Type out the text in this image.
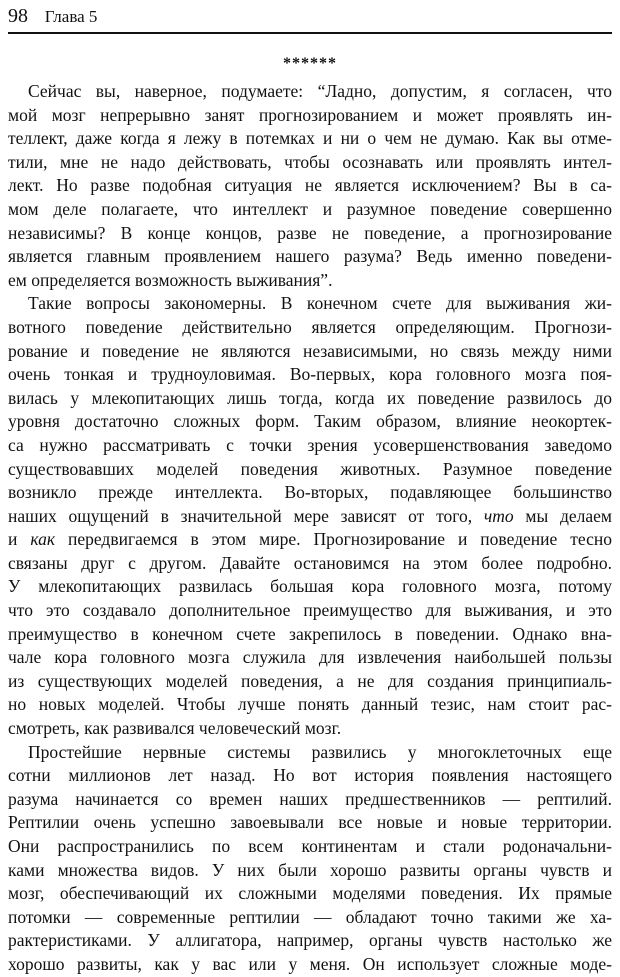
98 Глава 5
******

Сейчас вы, наверное, подумаете: “Ладно, допустим, я согласен, что
мой мозг непрерывно занят прогнозированием и может проявлять ин-
теллект, даже когда я лежу в потемках и ни о чем не думаю. Как вы отме-
тили, мне не надо действовать, чтобы осознавать или проявлять интел-
лект. Но разве подобная ситуация не является исключением? Вы в са-
мом деле полагаете, что интеллект и разумное поведение совершенно
независимы? В конце концов, разве не поведение, а прогнозирование
является главным проявлением нашего разума? Ведь именно поведени-
ем определяется возможность выживания”.

Такие вопросы закономерны. В конечном счете для выживания жи-
вотного поведение действительно является определяющим. Прогнози-
рование и поведение не являются независимыми, но связь между ними
очень тонкая и трудноуловимая. Во-первых, кора головного мозга поя-
вилась у млекопитающих лишь тогда, когда их поведение развилось до
уровня достаточно сложных форм. Таким образом, влияние неокортек-
са нужно рассматривать с точки зрения усовершенствования заведомо
существовавших моделей поведения животных. Разумное поведение
возникло прежде интеллекта. Во-вторых, подавляющее большинство
наших ощущений в значительной мере зависят от того, что мы делаем
и как передвигаемся в этом мире. Прогнозирование и поведение тесно
связаны друг с другом. Давайте остановимся на этом более подробно.
У млекопитающих развилась большая кора головного мозга, потому
что это создавало дополнительное преимущество для выживания, и это
преимущество в конечном счете закрепилось в поведении. Однако вна-
чале кора головного мозга служила для извлечения наибольшей пользы
из существующих моделей поведения, а не для создания принципиаль-
но новых моделей. Чтобы лучше понять данный тезис, нам стоит рас-
смотреть, как развивался человеческий мозг.

Простейшие нервные системы развились у многоклеточных еще
сотни миллионов лет назад. Но вот история появления настоящего
разума начинается со времен наших предшественников — рептилий.
Рептилии очень успешно завоевывали все новые и новые территории.
Они распространились по всем континентам и стали родоначальни-
ками множества видов. У них были хорошо развиты органы чувств и
мозг, обеспечивающий их сложными моделями поведения. Их прямые
потомки — современные рептилии — обладают точно такими же ха-
рактеристиками. У аллигатора, например, органы чувств настолько же
хорошо развиты, как у вас или у меня. Он использует сложные моде-
